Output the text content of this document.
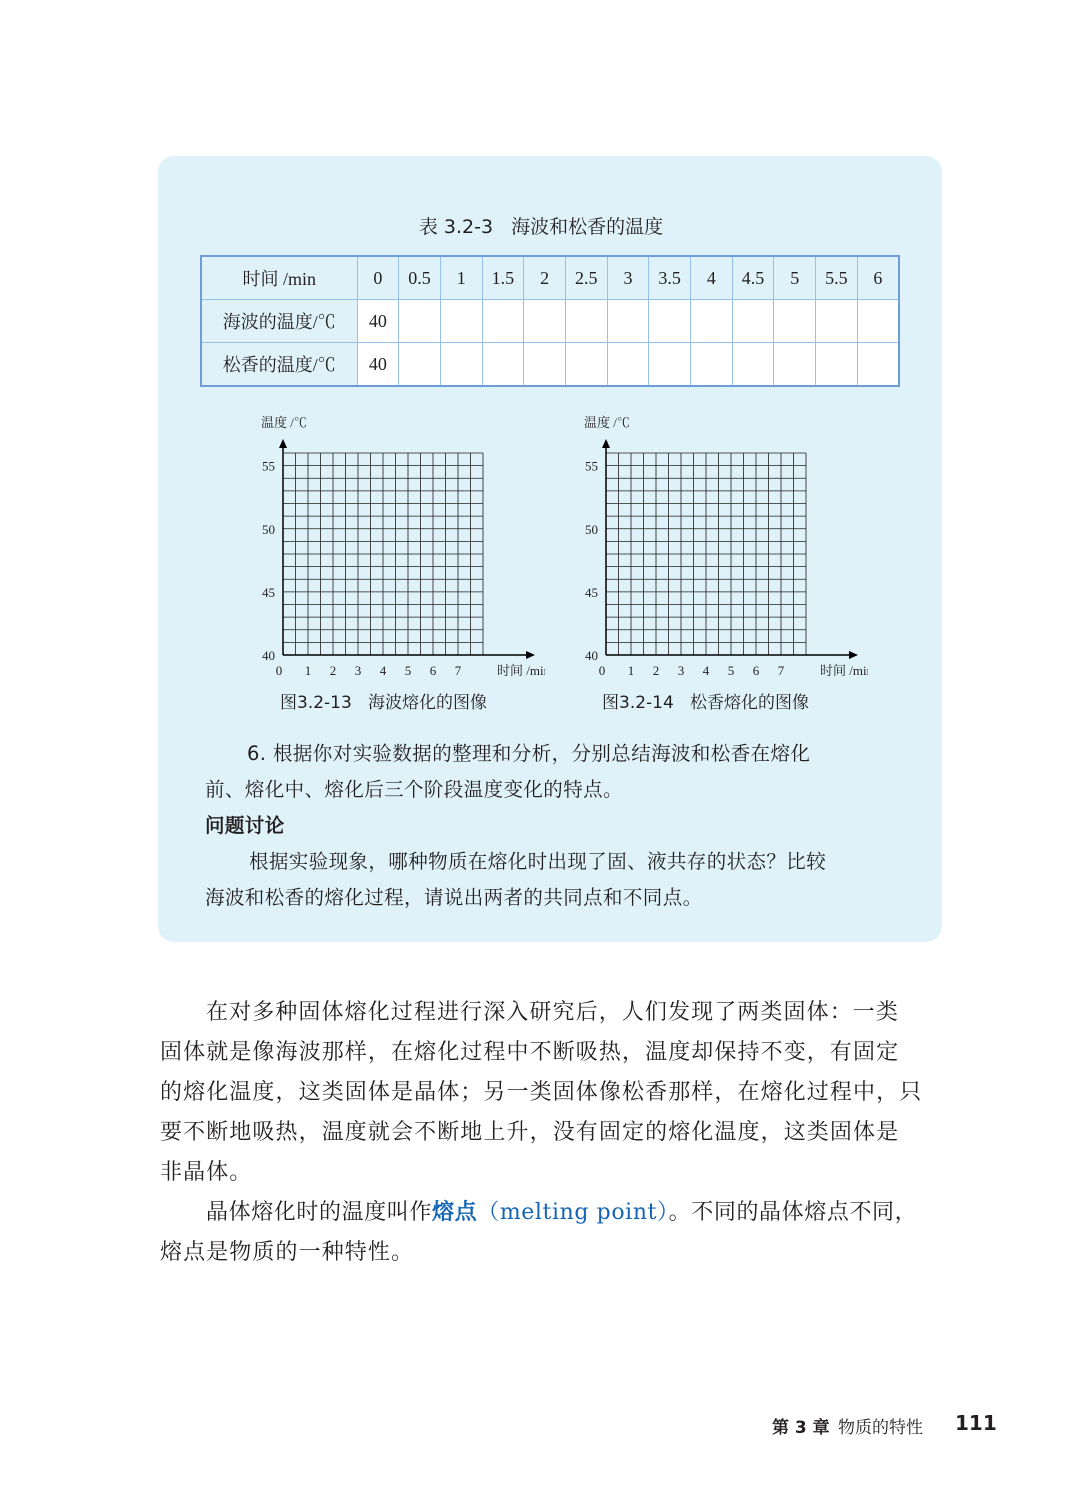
表 3.2-3   海波和松香的温度
时间 /min	0	0.5	1	1.5	2	2.5	3	3.5	4	4.5	5	5.5	6
海波的温度/℃	40												
松香的温度/℃	40												
0 1 2 3 4 5 6 7
40
45
50
55
时间 /min
温度 /℃
0 1 2 3 4 5 6 7
40
45
50
55
时间 /min
温度 /℃
图3.2-13   海波熔化的图像	图3.2-14   松香熔化的图像
6. 根据你对实验数据的整理和分析，分别总结海波和松香在熔化
前、熔化中、熔化后三个阶段温度变化的特点。
问题讨论
根据实验现象，哪种物质在熔化时出现了固、液共存的状态？比较
海波和松香的熔化过程，请说出两者的共同点和不同点。
在对多种固体熔化过程进行深入研究后，人们发现了两类固体：一类
固体就是像海波那样，在熔化过程中不断吸热，温度却保持不变，有固定
的熔化温度，这类固体是晶体；另一类固体像松香那样，在熔化过程中，只
要不断地吸热，温度就会不断地上升，没有固定的熔化温度，这类固体是
非晶体。
晶体熔化时的温度叫作熔点（melting point）。不同的晶体熔点不同，
熔点是物质的一种特性。
第 3 章 物质的特性 111
